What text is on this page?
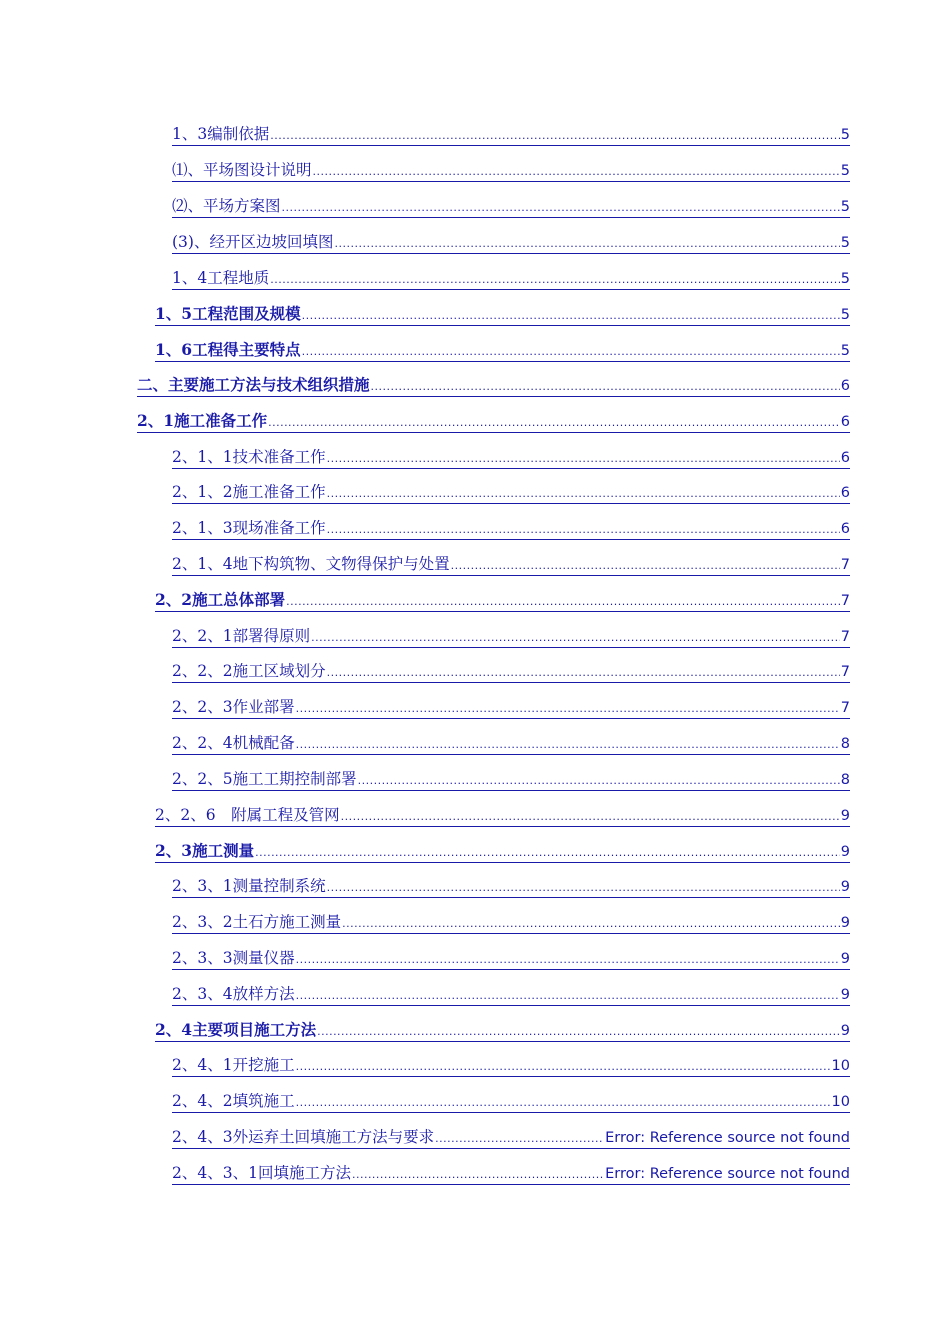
1、3编制依据 .....	5
⑴、平场图设计说明 .....	5
⑵、平场方案图 .....	5
(3)、经开区边坡回填图 .....	5
1、4工程地质 .....	5
1、5工程范围及规模 .....	5
1、6工程得主要特点 .....	5
二、主要施工方法与技术组织措施 .....	6
2、1施工准备工作 .....	6
2、1、1技术准备工作 .....	6
2、1、2施工准备工作 .....	6
2、1、3现场准备工作 .....	6
2、1、4地下构筑物、文物得保护与处置 .....	7
2、2施工总体部署 .....	7
2、2、1部署得原则 .....	7
2、2、2施工区域划分 .....	7
2、2、3作业部署 .....	7
2、2、4机械配备 .....	8
2、2、5施工工期控制部署 .....	8
2、2、6　附属工程及管网 .....	9
2、3施工测量 .....	9
2、3、1测量控制系统 .....	9
2、3、2土石方施工测量 .....	9
2、3、3测量仪器 .....	9
2、3、4放样方法 .....	9
2、4主要项目施工方法 .....	9
2、4、1开挖施工 .....	10
2、4、2填筑施工 .....	10
2、4、3外运弃土回填施工方法与要求 .....	Error: Reference source not found
2、4、3、1回填施工方法 .....	Error: Reference source not found
